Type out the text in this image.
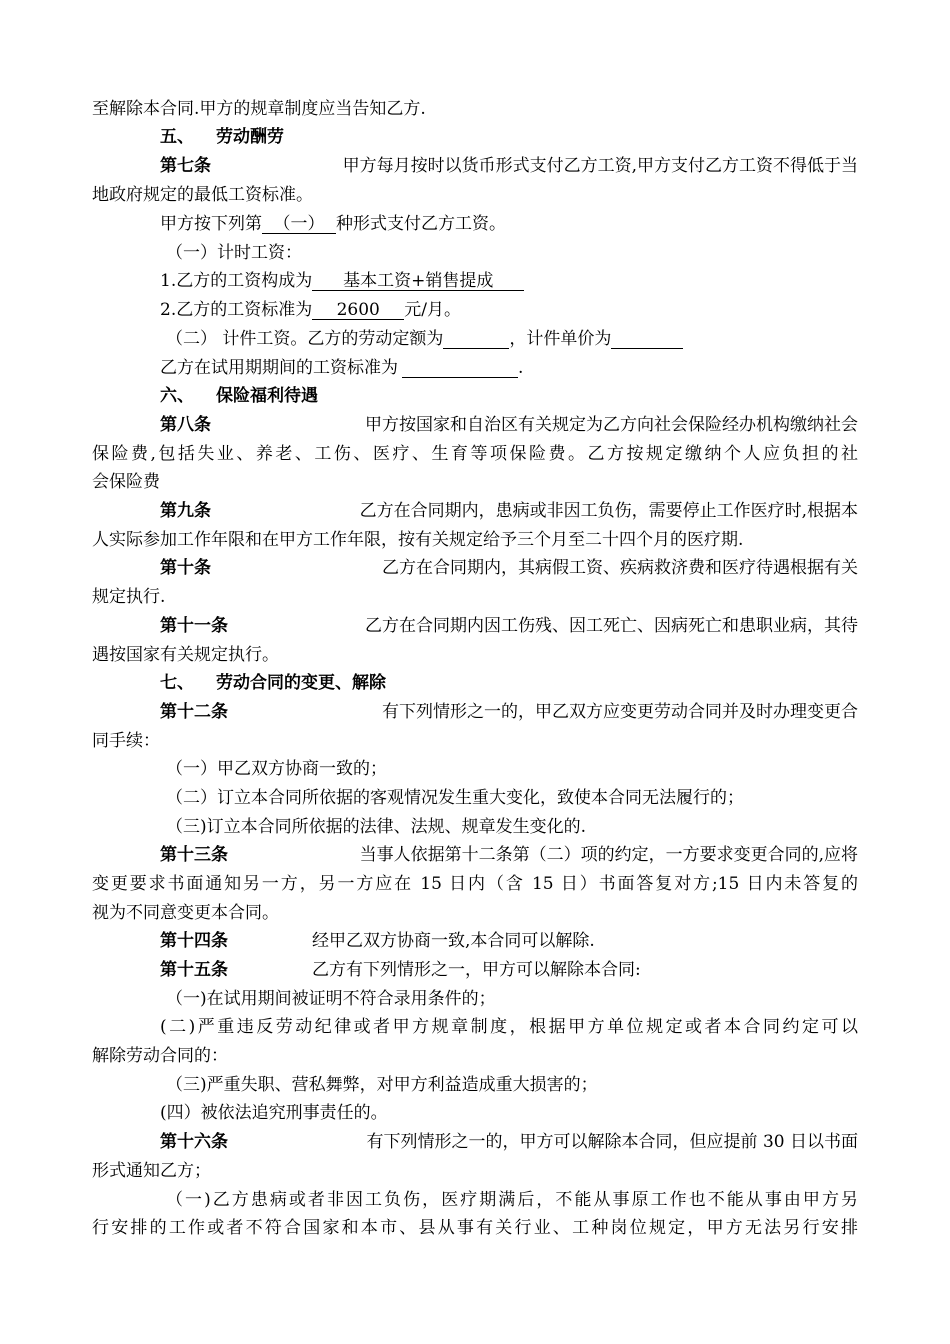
至解除本合同.甲方的规章制度应当告知乙方.
五、 劳动酬劳
第七条	甲方每月按时以货币形式支付乙方工资,甲方支付乙方工资不得低于当
地政府规定的最低工资标准。
甲方按下列第 （一） 种形式支付乙方工资。
（一）计时工资：
1.乙方的工资构成为 基本工资+销售提成
2.乙方的工资标准为 2600 元/月。
（二） 计件工资。乙方的劳动定额为	，计件单价为
乙方在试用期期间的工资标准为	.
六、 保险福利待遇
第八条	甲方按国家和自治区有关规定为乙方向社会保险经办机构缴纳社会
保险费,包括失业、养老、工伤、医疗、生育等项保险费。乙方按规定缴纳个人应负担的社
会保险费
第九条	乙方在合同期内，患病或非因工负伤，需要停止工作医疗时,根据本
人实际参加工作年限和在甲方工作年限，按有关规定给予三个月至二十四个月的医疗期.
第十条	乙方在合同期内，其病假工资、疾病救济费和医疗待遇根据有关
规定执行.
第十一条	乙方在合同期内因工伤残、因工死亡、因病死亡和患职业病，其待
遇按国家有关规定执行。
七、 劳动合同的变更、解除
第十二条	有下列情形之一的，甲乙双方应变更劳动合同并及时办理变更合
同手续：
（一）甲乙双方协商一致的；
（二）订立本合同所依据的客观情况发生重大变化，致使本合同无法履行的；
（三)订立本合同所依据的法律、法规、规章发生变化的.
第十三条	当事人依据第十二条第（二）项的约定，一方要求变更合同的,应将
变更要求书面通知另一方，另一方应在 15 日内（含 15 日）书面答复对方;15 日内未答复的
视为不同意变更本合同。
第十四条	经甲乙双方协商一致,本合同可以解除.
第十五条	乙方有下列情形之一，甲方可以解除本合同:
（一)在试用期间被证明不符合录用条件的；
(二)严重违反劳动纪律或者甲方规章制度，根据甲方单位规定或者本合同约定可以
解除劳动合同的：
（三)严重失职、营私舞弊，对甲方利益造成重大损害的；
(四）被依法追究刑事责任的。
第十六条	有下列情形之一的，甲方可以解除本合同，但应提前 30 日以书面
形式通知乙方；
（一)乙方患病或者非因工负伤，医疗期满后，不能从事原工作也不能从事由甲方另
行安排的工作或者不符合国家和本市、县从事有关行业、工种岗位规定，甲方无法另行安排
